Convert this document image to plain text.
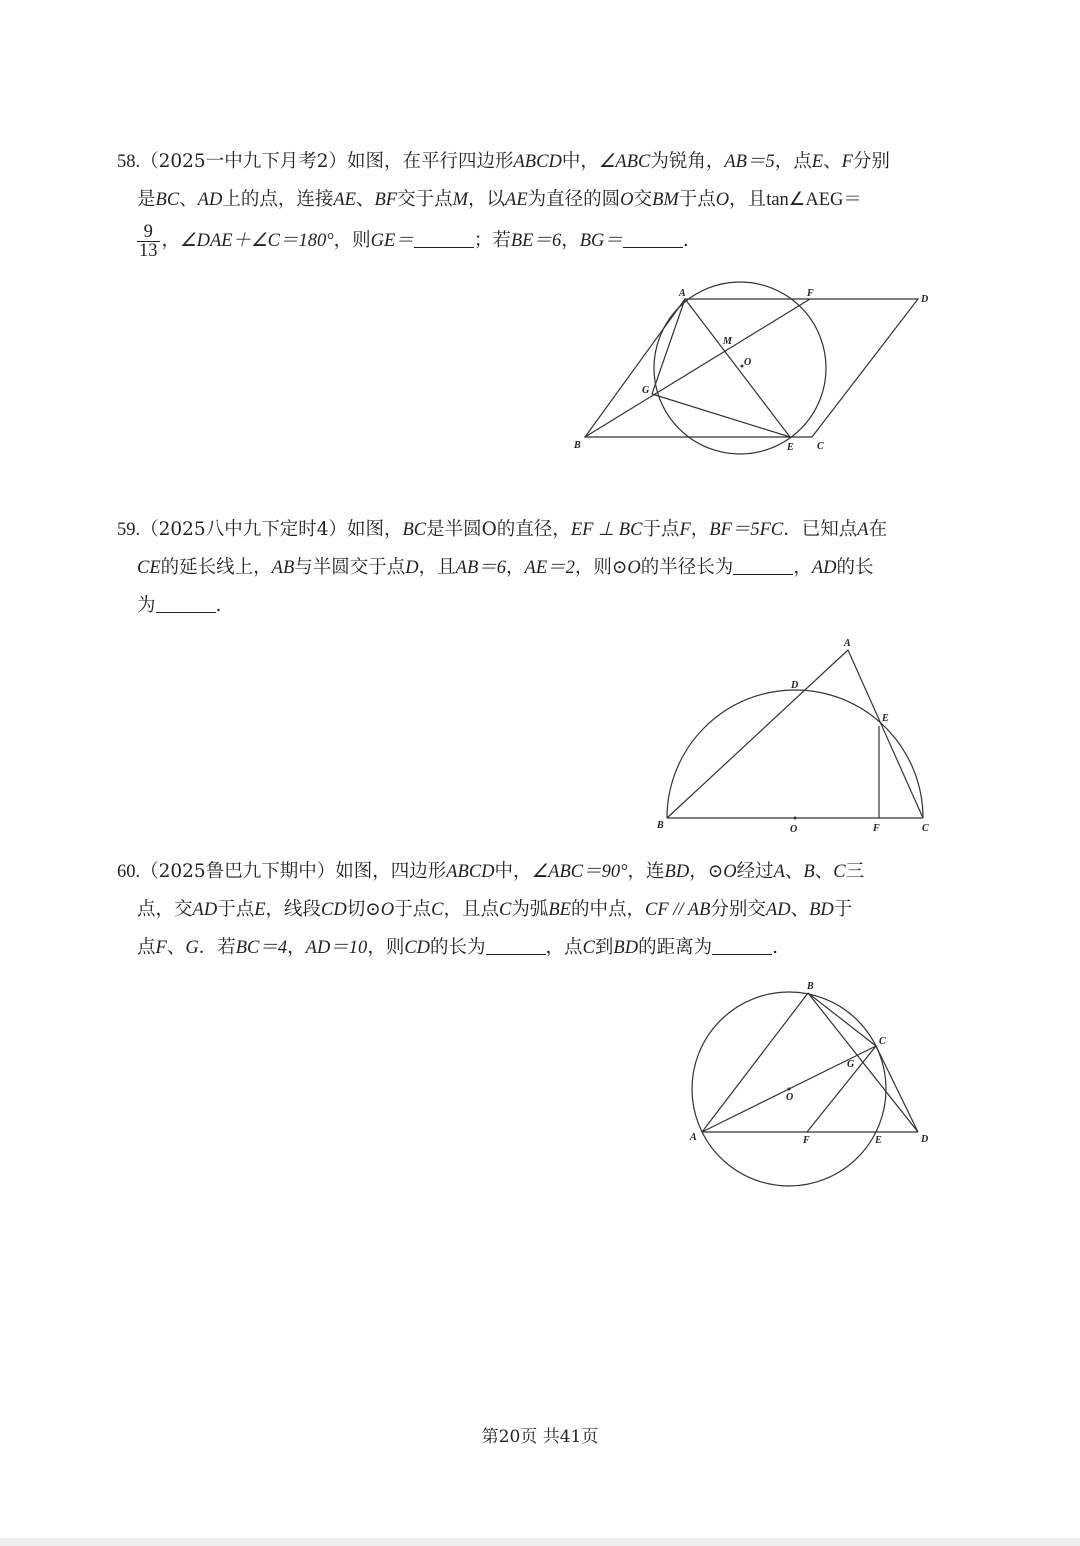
58.（2025一中九下月考2）如图，在平行四边形ABCD中，∠ABC为锐角，AB＝5，点E、F分别

是BC、AD上的点，连接AE、BF交于点M，以AE为直径的圆O交BM于点O，且tan∠AEG＝

$\frac{9}{13}$ ，∠DAE＋∠C＝180°，则GE＝	；若BE＝6，BG＝	.

A	F
D
M
O
G
B	E C

59.（2025八中九下定时4）如图，BC是半圆O的直径，EF ⊥ BC于点F，BF＝5FC．已知点A在

CE的延长线上，AB与半圆交于点D，且AB＝6，AE＝2，则⊙O的半径长为	，AD的长

为	.

A
D
E
B	O	F	C

60.（2025鲁巴九下期中）如图，四边形ABCD中，∠ABC＝90°，连BD，⊙O经过A、B、C三

点，交AD于点E，线段CD切⊙O于点C，且点C为弧BE的中点，CF // AB分别交AD、BD于

点F、G．若BC＝4，AD＝10，则CD的长为	，点C到BD的距离为	.

B
C
G
O
A	F	E	D
第20页 共41页
